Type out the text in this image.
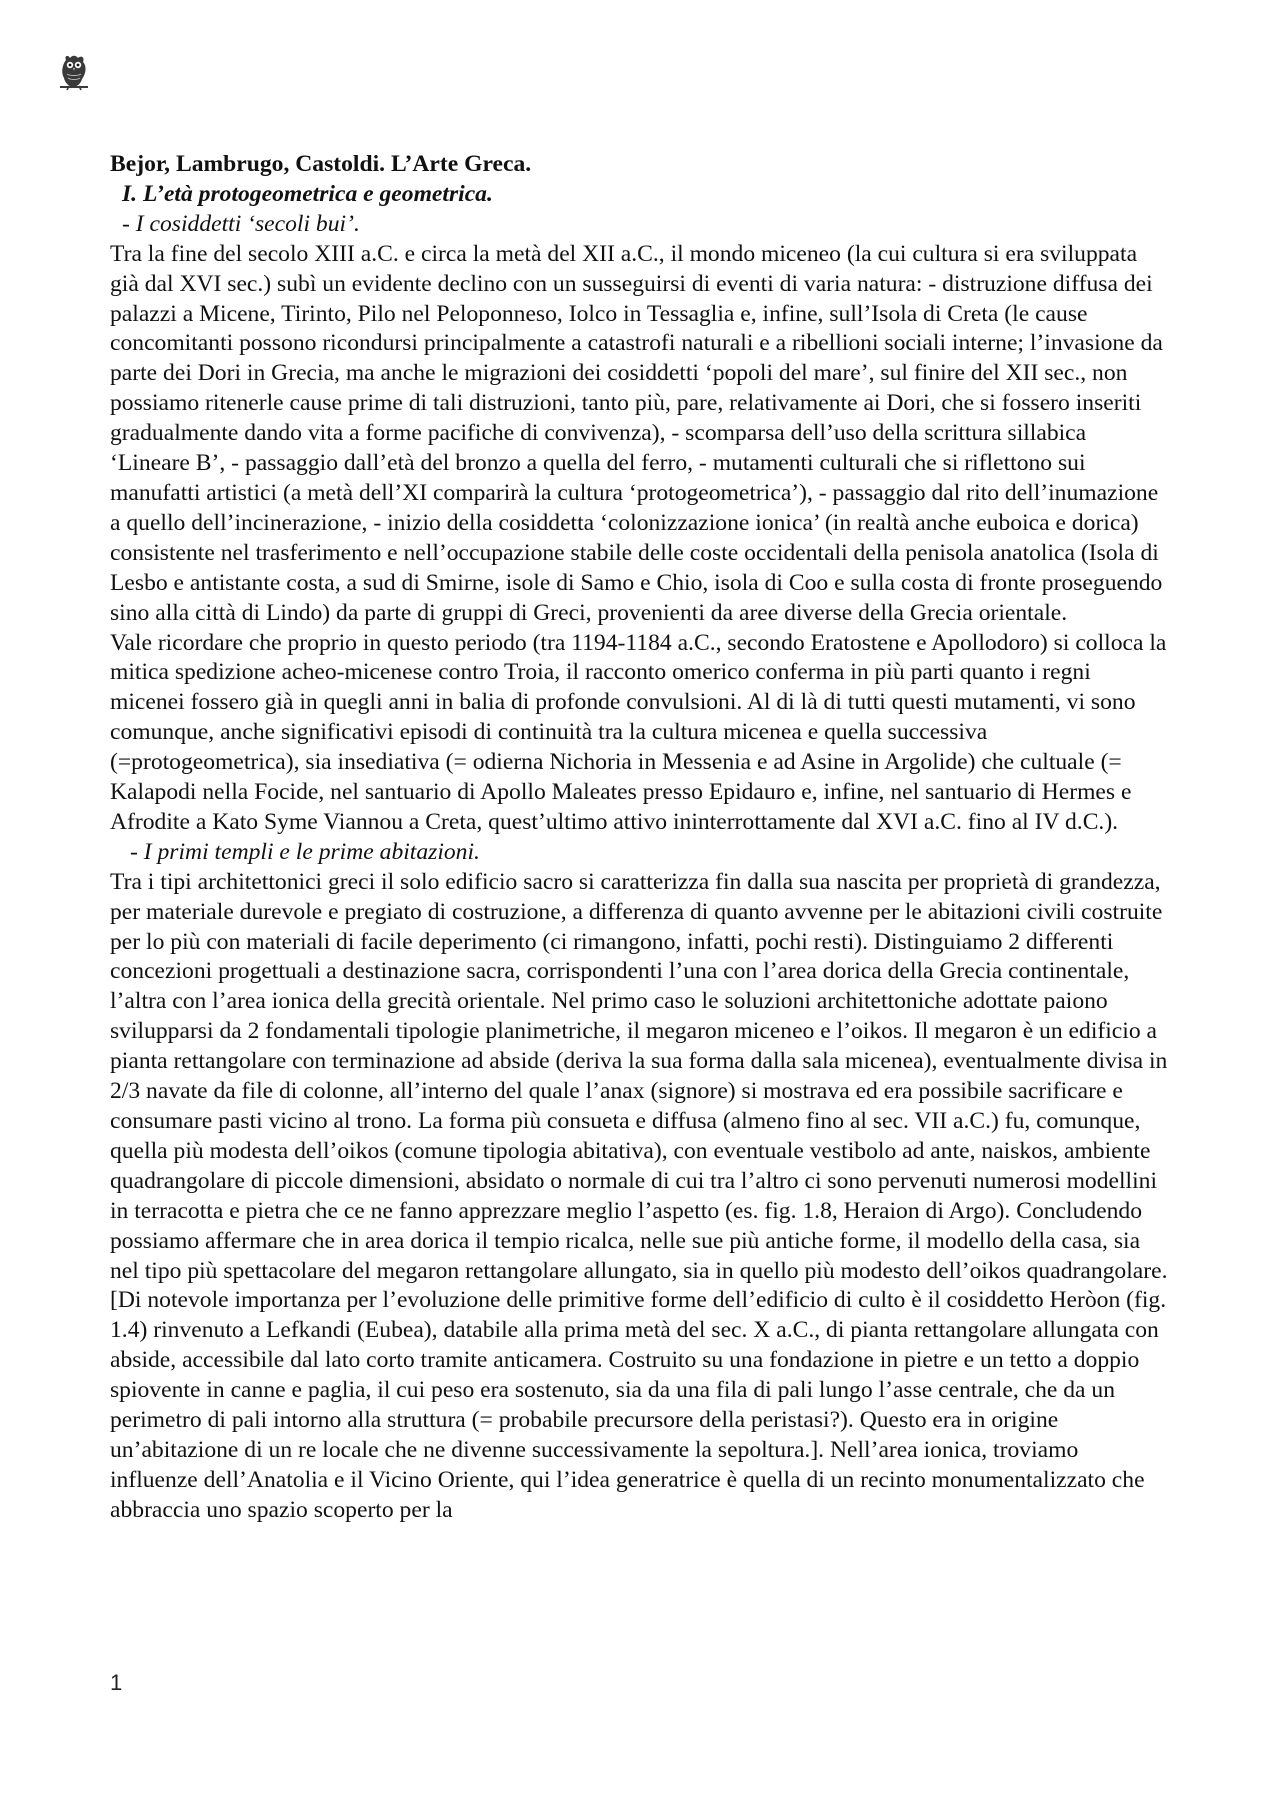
Bejor, Lambrugo, Castoldi. L’Arte Greca.

I. L’età protogeometrica e geometrica.

- I cosiddetti ‘secoli bui’.

Tra la fine del secolo XIII a.C. e circa la metà del XII a.C., il mondo miceneo (la cui cultura si era sviluppata già dal XVI sec.) subì un evidente declino con un susseguirsi di eventi di varia natura: - distruzione diffusa dei palazzi a Micene, Tirinto, Pilo nel Peloponneso, Iolco in Tessaglia e, infine, sull’Isola di Creta (le cause concomitanti possono ricondursi principalmente a catastrofi naturali e a ribellioni sociali interne; l’invasione da parte dei Dori in Grecia, ma anche le migrazioni dei cosiddetti ‘popoli del mare’, sul finire del XII sec., non possiamo ritenerle cause prime di tali distruzioni, tanto più, pare, relativamente ai Dori, che si fossero inseriti gradualmente dando vita a forme pacifiche di convivenza), - scomparsa dell’uso della scrittura sillabica ‘Lineare B’, - passaggio dall’età del bronzo a quella del ferro, - mutamenti culturali che si riflettono sui manufatti artistici (a metà dell’XI comparirà la cultura ‘protogeometrica’), - passaggio dal rito dell’inumazione a quello dell’incinerazione, - inizio della cosiddetta ‘colonizzazione ionica’ (in realtà anche euboica e dorica) consistente nel trasferimento e nell’occupazione stabile delle coste occidentali della penisola anatolica (Isola di Lesbo e antistante costa, a sud di Smirne, isole di Samo e Chio, isola di Coo e sulla costa di fronte proseguendo sino alla città di Lindo) da parte di gruppi di Greci, provenienti da aree diverse della Grecia orientale.

Vale ricordare che proprio in questo periodo (tra 1194-1184 a.C., secondo Eratostene e Apollodoro) si colloca la mitica spedizione acheo-micenese contro Troia, il racconto omerico conferma in più parti quanto i regni micenei fossero già in quegli anni in balia di profonde convulsioni. Al di là di tutti questi mutamenti, vi sono comunque, anche significativi episodi di continuità tra la cultura micenea e quella successiva (=protogeometrica), sia insediativa (= odierna Nichoria in Messenia e ad Asine in Argolide) che cultuale (= Kalapodi nella Focide, nel santuario di Apollo Maleates presso Epidauro e, infine, nel santuario di Hermes e Afrodite a Kato Syme Viannou a Creta, quest’ultimo attivo ininterrottamente dal XVI a.C. fino al IV d.C.).

- I primi templi e le prime abitazioni.

Tra i tipi architettonici greci il solo edificio sacro si caratterizza fin dalla sua nascita per proprietà di grandezza, per materiale durevole e pregiato di costruzione, a differenza di quanto avvenne per le abitazioni civili costruite per lo più con materiali di facile deperimento (ci rimangono, infatti, pochi resti). Distinguiamo 2 differenti concezioni progettuali a destinazione sacra, corrispondenti l’una con l’area dorica della Grecia continentale, l’altra con l’area ionica della grecità orientale. Nel primo caso le soluzioni architettoniche adottate paiono svilupparsi da 2 fondamentali tipologie planimetriche, il megaron miceneo e l’oikos. Il megaron è un edificio a pianta rettangolare con terminazione ad abside (deriva la sua forma dalla sala micenea), eventualmente divisa in 2/3 navate da file di colonne, all’interno del quale l’anax (signore) si mostrava ed era possibile sacrificare e consumare pasti vicino al trono. La forma più consueta e diffusa (almeno fino al sec. VII a.C.) fu, comunque, quella più modesta dell’oikos (comune tipologia abitativa), con eventuale vestibolo ad ante, naiskos, ambiente quadrangolare di piccole dimensioni, absidato o normale di cui tra l’altro ci sono pervenuti numerosi modellini in terracotta e pietra che ce ne fanno apprezzare meglio l’aspetto (es. fig. 1.8, Heraion di Argo). Concludendo possiamo affermare che in area dorica il tempio ricalca, nelle sue più antiche forme, il modello della casa, sia nel tipo più spettacolare del megaron rettangolare allungato, sia in quello più modesto dell’oikos quadrangolare. [Di notevole importanza per l’evoluzione delle primitive forme dell’edificio di culto è il cosiddetto Heròon (fig. 1.4) rinvenuto a Lefkandi (Eubea), databile alla prima metà del sec. X a.C., di pianta rettangolare allungata con abside, accessibile dal lato corto tramite anticamera. Costruito su una fondazione in pietre e un tetto a doppio spiovente in canne e paglia, il cui peso era sostenuto, sia da una fila di pali lungo l’asse centrale, che da un perimetro di pali intorno alla struttura (= probabile precursore della peristasi?). Questo era in origine un’abitazione di un re locale che ne divenne successivamente la sepoltura.]. Nell’area ionica, troviamo influenze dell’Anatolia e il Vicino Oriente, qui l’idea generatrice è quella di un recinto monumentalizzato che abbraccia uno spazio scoperto per la

1
